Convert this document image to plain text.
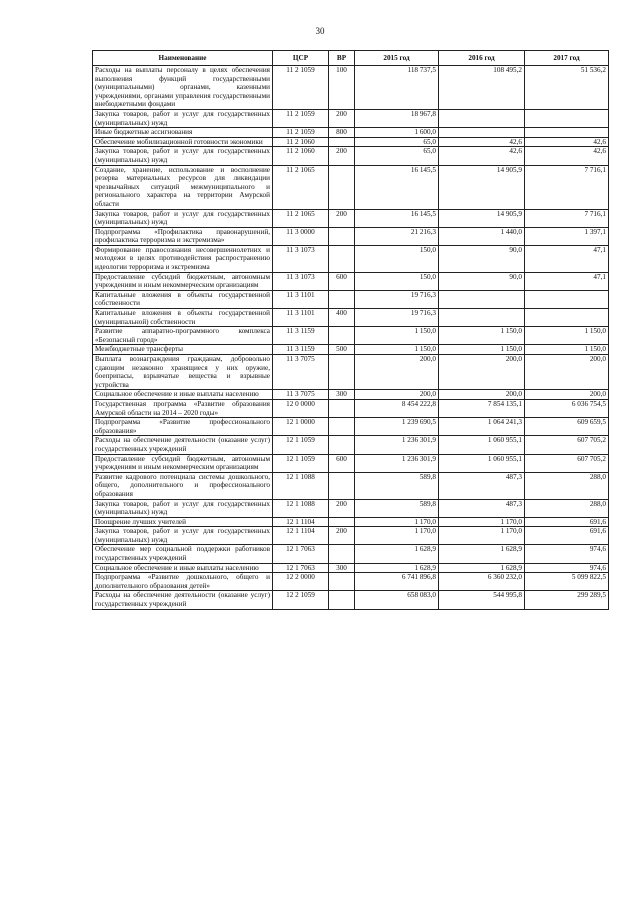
30
Наименование	ЦСР	ВР	2015 год	2016 год	2017 год
Расходы на выплаты персоналу в целях обеспечения выполнения функций государственными (муниципальными) органами, казенными учреждениями, органами управления государственными внебюджетными фондами	11 2 1059	100	118 737,5	108 495,2	51 536,2
Закупка товаров, работ и услуг для государственных (муниципальных) нужд	11 2 1059	200	18 967,8		
Иные бюджетные ассигнования	11 2 1059	800	1 600,0		
Обеспечение мобилизационной готовности экономики	11 2 1060		65,0	42,6	42,6
Закупка товаров, работ и услуг для государственных (муниципальных) нужд	11 2 1060	200	65,0	42,6	42,6
Создание, хранение, использование и восполнение резерва материальных ресурсов для ликвидации чрезвычайных ситуаций межмуниципального и регионального характера на территории Амурской области	11 2 1065		16 145,5	14 905,9	7 716,1
Закупка товаров, работ и услуг для государственных (муниципальных) нужд	11 2 1065	200	16 145,5	14 905,9	7 716,1
Подпрограмма «Профилактика правонарушений, профилактика терроризма и экстремизма»	11 3 0000		21 216,3	1 440,0	1 397,1
Формирование правосознания несовершеннолетних и молодежи в целях противодействия распространению идеологии терроризма и экстремизма	11 3 1073		150,0	90,0	47,1
Предоставление субсидий бюджетным, автономным учреждениям и иным некоммерческим организациям	11 3 1073	600	150,0	90,0	47,1
Капитальные вложения в объекты государственной собственности	11 3 1101		19 716,3		
Капитальные вложения в объекты государственной (муниципальной) собственности	11 3 1101	400	19 716,3		
Развитие аппаратно-программного комплекса «Безопасный город»	11 3 1159		1 150,0	1 150,0	1 150,0
Межбюджетные трансферты	11 3 1159	500	1 150,0	1 150,0	1 150,0
Выплата вознаграждения гражданам, добровольно сдающим незаконно хранящиеся у них оружие, боеприпасы, взрывчатые вещества и взрывные устройства	11 3 7075		200,0	200,0	200,0
Социальное обеспечение и иные выплаты населению	11 3 7075	300	200,0	200,0	200,0
Государственная программа «Развитие образования Амурской области на 2014 – 2020 годы»	12 0 0000		8 454 222,8	7 854 135,1	6 036 754,5
Подпрограмма «Развитие профессионального образования»	12 1 0000		1 239 690,5	1 064 241,3	609 659,5
Расходы на обеспечение деятельности (оказание услуг) государственных учреждений	12 1 1059		1 236 301,9	1 060 955,1	607 705,2
Предоставление субсидий бюджетным, автономным учреждениям и иным некоммерческим организациям	12 1 1059	600	1 236 301,9	1 060 955,1	607 705,2
Развитие кадрового потенциала системы дошкольного, общего, дополнительного и профессионального образования	12 1 1088		589,8	487,3	288,0
Закупка товаров, работ и услуг для государственных (муниципальных) нужд	12 1 1088	200	589,8	487,3	288,0
Поощрение лучших учителей	12 1 1104		1 170,0	1 170,0	691,6
Закупка товаров, работ и услуг для государственных (муниципальных) нужд	12 1 1104	200	1 170,0	1 170,0	691,6
Обеспечение мер социальной поддержки работников государственных учреждений	12 1 7063		1 628,9	1 628,9	974,6
Социальное обеспечение и иные выплаты населению	12 1 7063	300	1 628,9	1 628,9	974,6
Подпрограмма «Развитие дошкольного, общего и дополнительного образования детей»	12 2 0000		6 741 896,8	6 360 232,0	5 099 822,5
Расходы на обеспечение деятельности (оказание услуг) государственных учреждений	12 2 1059		658 083,0	544 995,8	299 289,5
